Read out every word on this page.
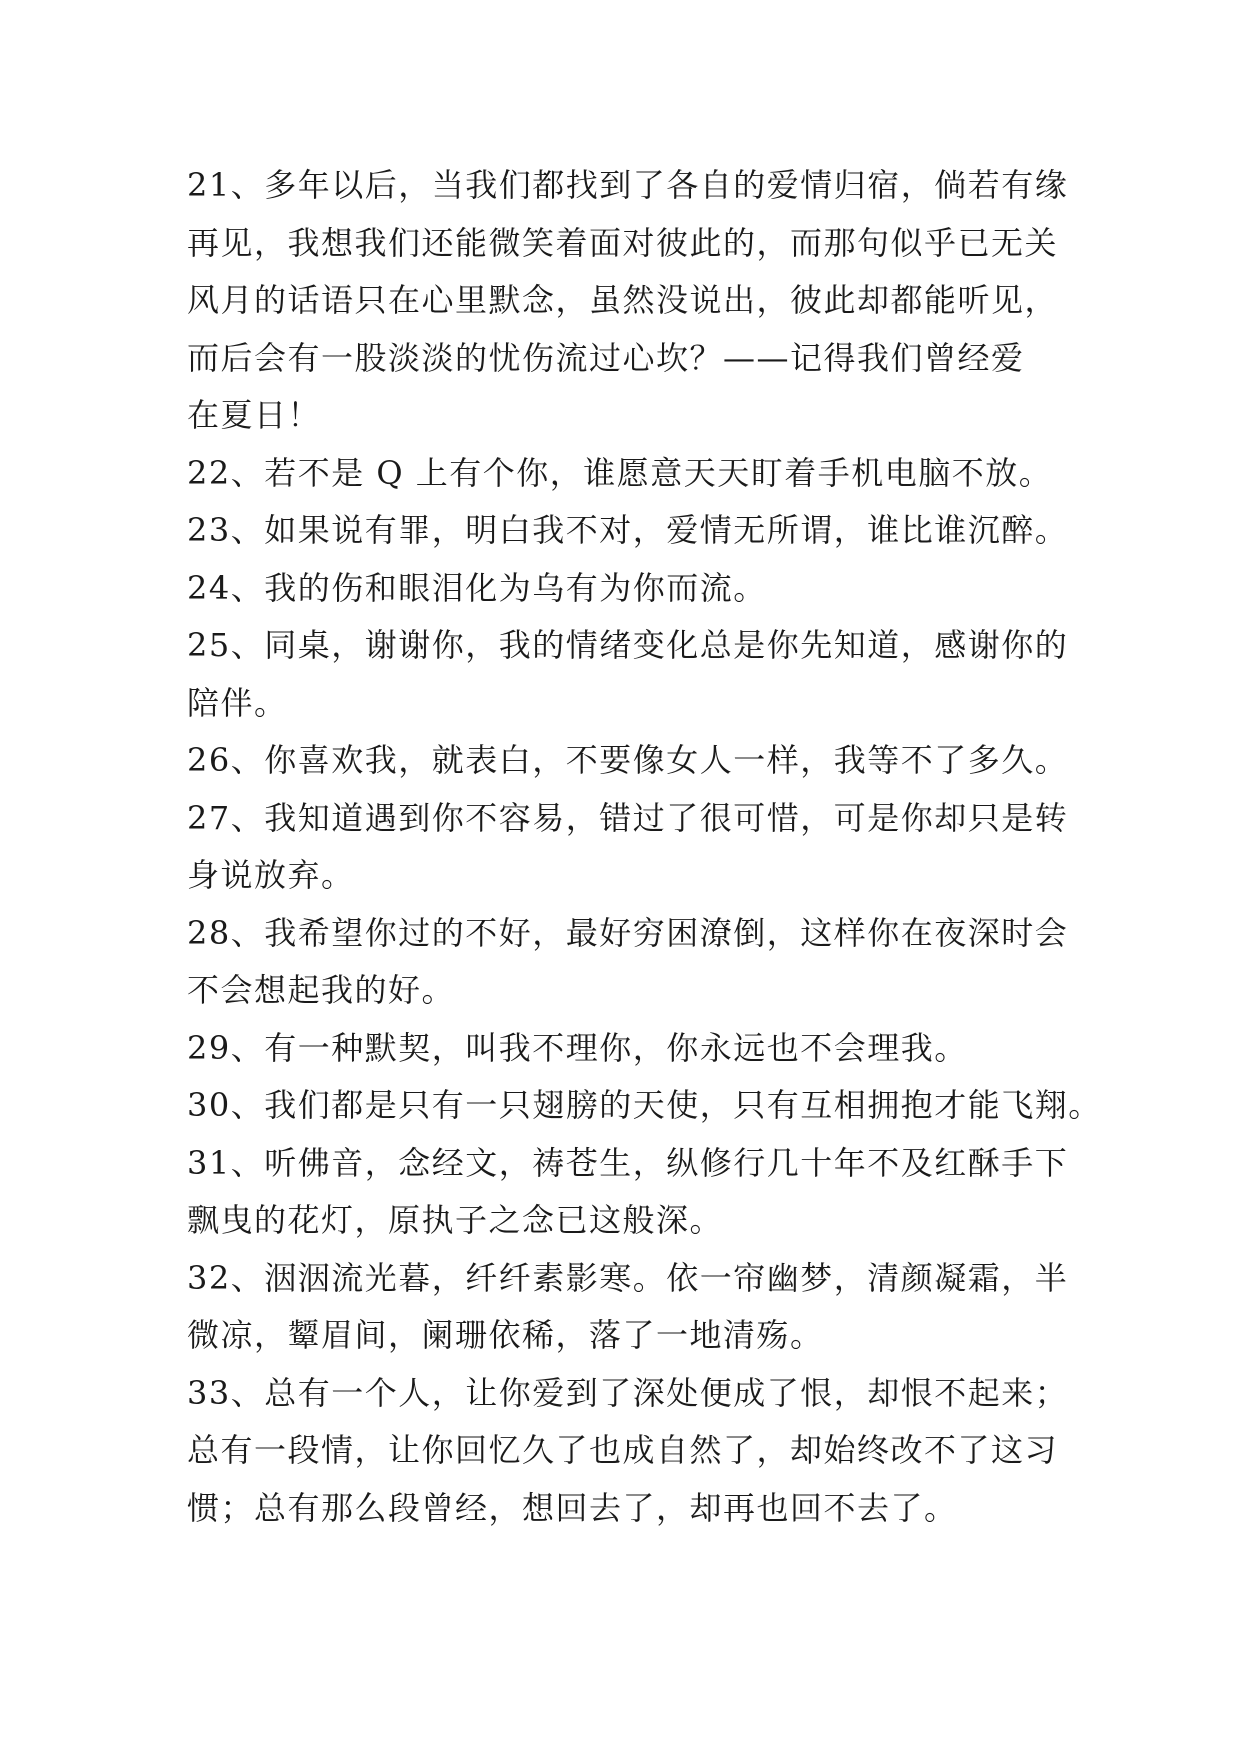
21、多年以后，当我们都找到了各自的爱情归宿，倘若有缘
再见，我想我们还能微笑着面对彼此的，而那句似乎已无关
风月的话语只在心里默念，虽然没说出，彼此却都能听见，
而后会有一股淡淡的忧伤流过心坎？——记得我们曾经爱
在夏日！

22、若不是 Q 上有个你，谁愿意天天盯着手机电脑不放。

23、如果说有罪，明白我不对，爱情无所谓，谁比谁沉醉。

24、我的伤和眼泪化为乌有为你而流。

25、同桌，谢谢你，我的情绪变化总是你先知道，感谢你的
陪伴。

26、你喜欢我，就表白，不要像女人一样，我等不了多久。

27、我知道遇到你不容易，错过了很可惜，可是你却只是转
身说放弃。

28、我希望你过的不好，最好穷困潦倒，这样你在夜深时会
不会想起我的好。

29、有一种默契，叫我不理你，你永远也不会理我。

30、我们都是只有一只翅膀的天使，只有互相拥抱才能飞翔。

31、听佛音，念经文，祷苍生，纵修行几十年不及红酥手下
飘曳的花灯，原执子之念已这般深。

32、洇洇流光暮，纤纤素影寒。依一帘幽梦，清颜凝霜，半
微凉，颦眉间，阑珊依稀，落了一地清殇。

33、总有一个人，让你爱到了深处便成了恨，却恨不起来；
总有一段情，让你回忆久了也成自然了，却始终改不了这习
惯；总有那么段曾经，想回去了，却再也回不去了。
